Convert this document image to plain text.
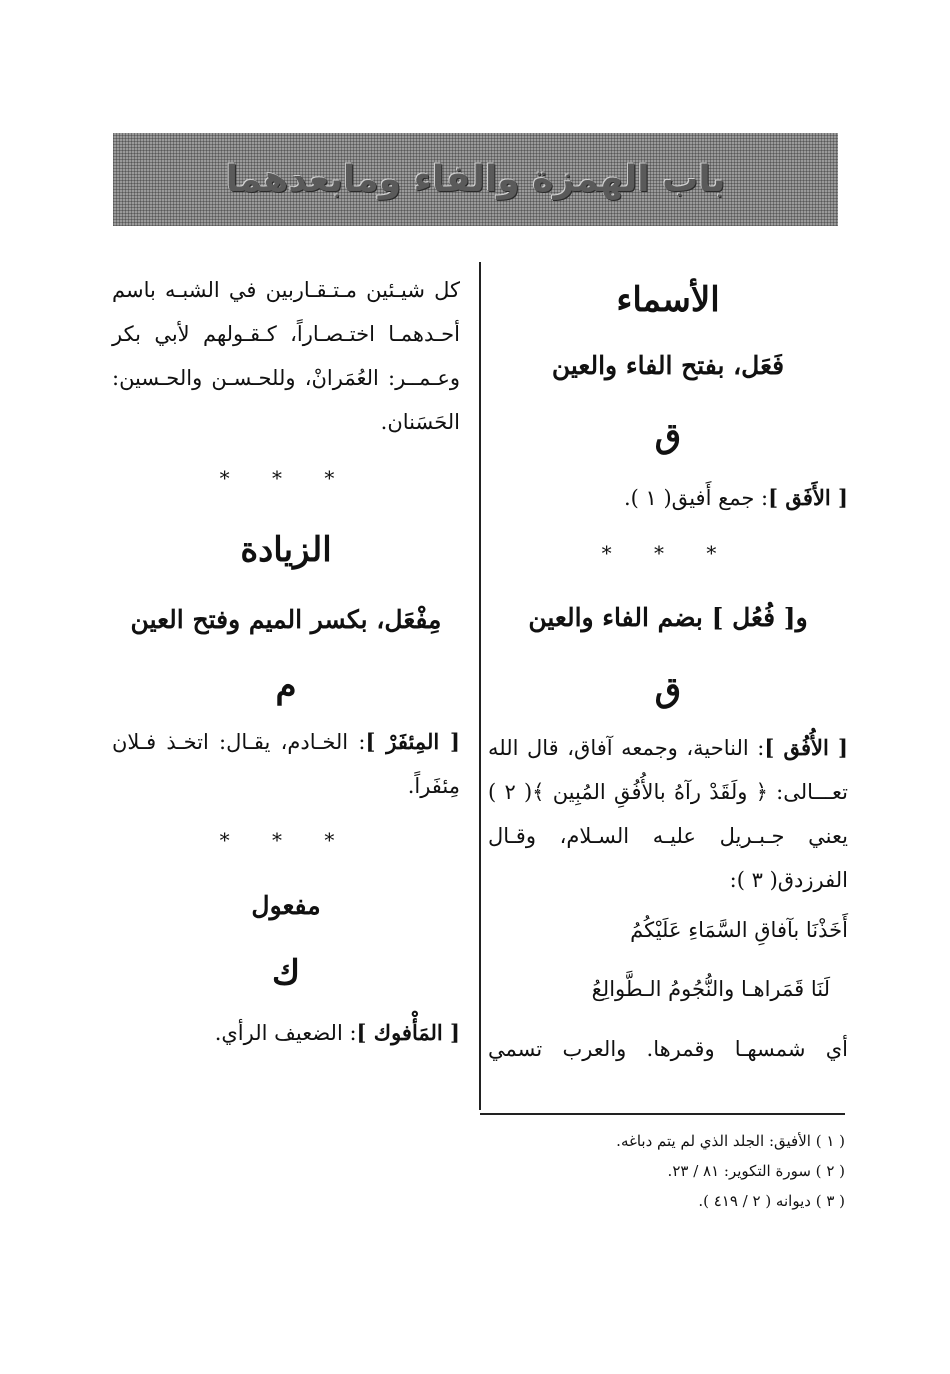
باب الهمزة والفاء ومابعدهما
الأسماء
فَعَل، بفتح الفاء والعين
ق
[ الأَفَق ]: جمع أَفيق( ١ ).
* * *
و[ فُعُل ] بضم الفاء والعين
ق
[ الأُفُق ]: الناحية، وجمعه آفاق، قال الله
تعـــالى: ﴿ ولَقَدْ رآهُ بالأُفُقِ المُبِين ﴾( ٢ )
يعني جـبـريل عليـه السـلام، وقـال
الفرزدق( ٣ ):
أَخَذْنَا بآفاقِ السَّمَاءِ عَلَيْكُمُ
لَنَا قَمَراهـا والنُّجُومُ الـطَّوالِعُ
أي شمسهـا وقمرها. والعرب تسمي
كل شيـئين مـتـقـاربين في الشبـه باسم
أحـدهمـا اختـصـاراً، كـقـولهم لأبي بكر
وعـمــر: العُمَرانْ، وللحـسـن والحـسين:
الحَسَنان.
* * *
الزيادة
مِفْعَل، بكسر الميم وفتح العين
م
[ المِئفَرْ ]: الخـادم، يقـال: اتخـذ فـلان
مِئفَراً.
* * *
مفعول
ك
[ المَأْفوك ]: الضعيف الرأي.
( ١ ) الأفيق: الجلد الذي لم يتم دباغه.
( ٢ ) سورة التكوير: ٨١ / ٢٣.
( ٣ ) ديوانه ( ٢ / ٤١٩ ).
